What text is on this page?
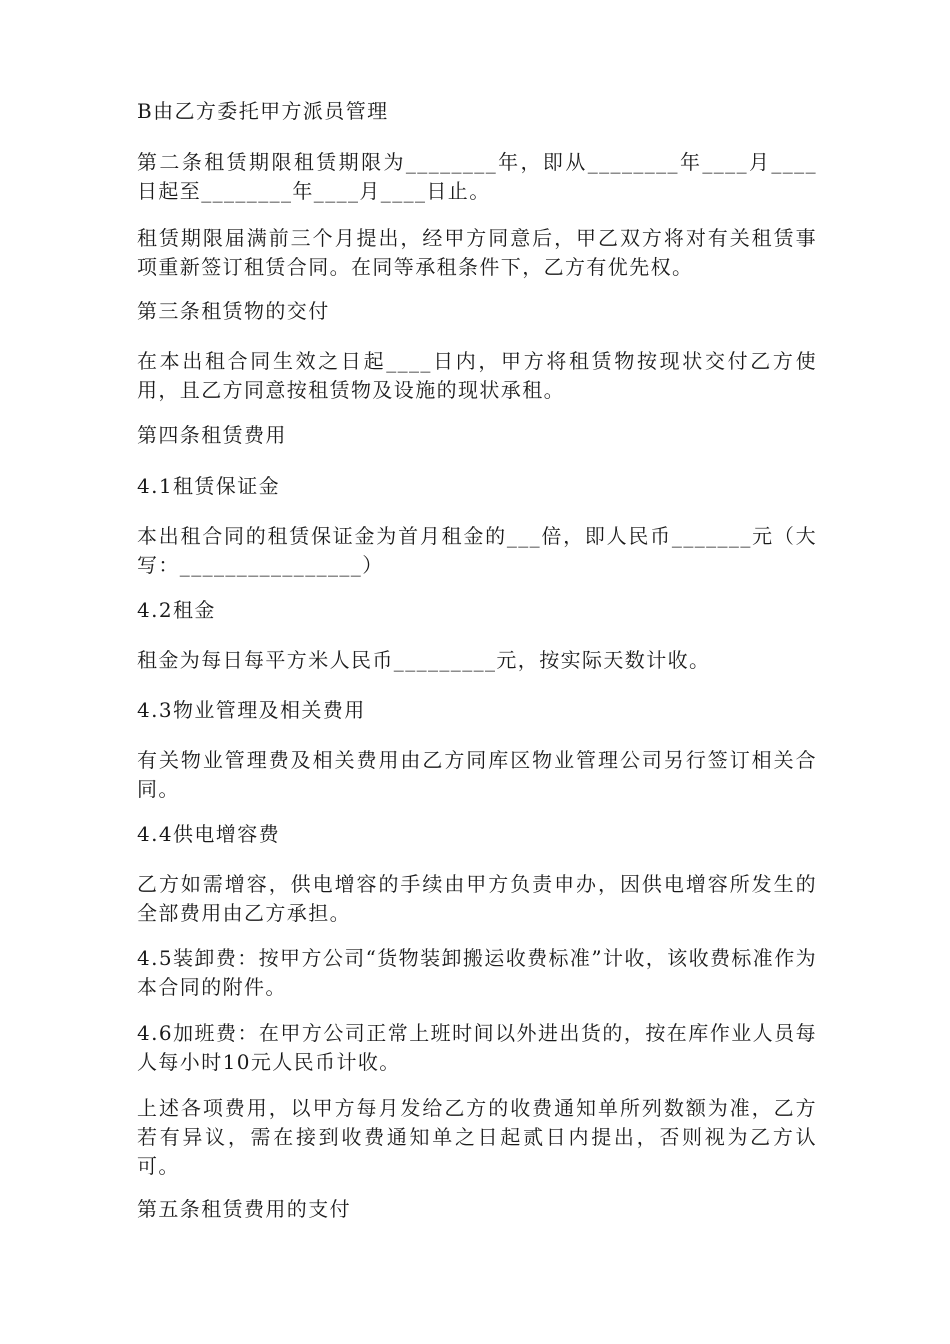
B由乙方委托甲方派员管理

第二条租赁期限租赁期限为________年，即从________年____月____日起至________年____月____日止。

租赁期限届满前三个月提出，经甲方同意后，甲乙双方将对有关租赁事项重新签订租赁合同。在同等承租条件下，乙方有优先权。

第三条租赁物的交付

在本出租合同生效之日起____日内，甲方将租赁物按现状交付乙方使用，且乙方同意按租赁物及设施的现状承租。

第四条租赁费用

4.1租赁保证金

本出租合同的租赁保证金为首月租金的___倍，即人民币_______元（大写：________________）

4.2租金

租金为每日每平方米人民币_________元，按实际天数计收。

4.3物业管理及相关费用

有关物业管理费及相关费用由乙方同库区物业管理公司另行签订相关合同。

4.4供电增容费

乙方如需增容，供电增容的手续由甲方负责申办，因供电增容所发生的全部费用由乙方承担。

4.5装卸费：按甲方公司“货物装卸搬运收费标准”计收，该收费标准作为本合同的附件。

4.6加班费：在甲方公司正常上班时间以外进出货的，按在库作业人员每人每小时10元人民币计收。

上述各项费用，以甲方每月发给乙方的收费通知单所列数额为准，乙方若有异议，需在接到收费通知单之日起贰日内提出，否则视为乙方认可。

第五条租赁费用的支付
